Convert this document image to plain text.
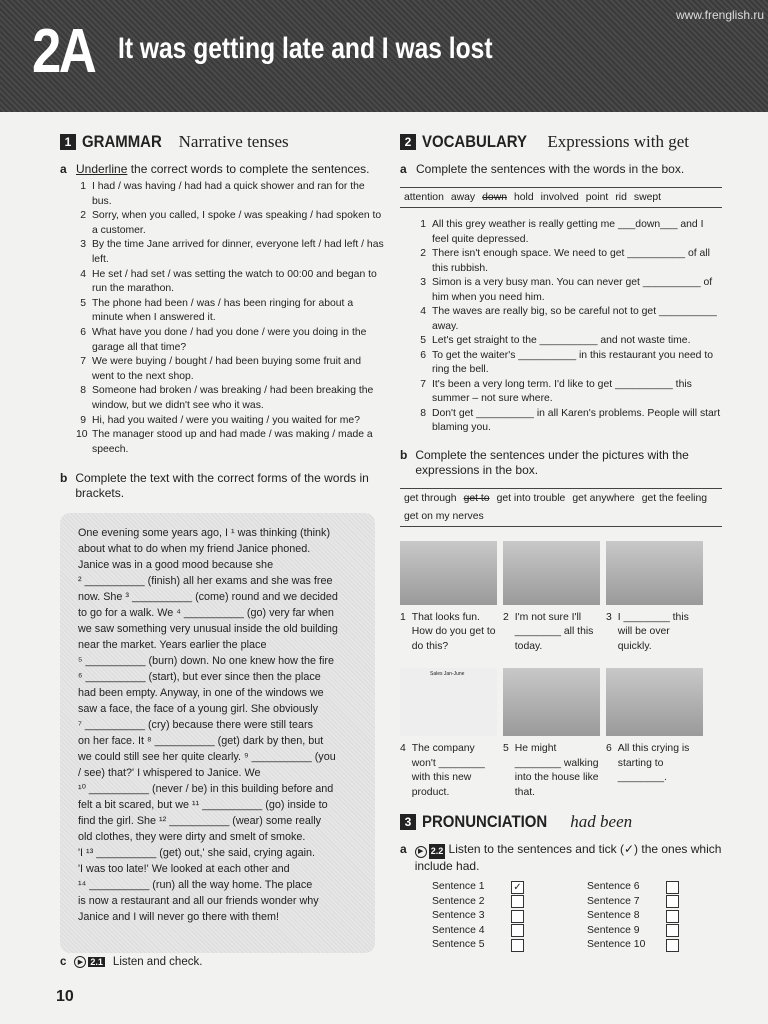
2A It was getting late and I was lost
www.frenglish.ru
1 GRAMMAR Narrative tenses
a Underline the correct words to complete the sentences.
1 I had / was having / had had a quick shower and ran for the bus.
2 Sorry, when you called, I spoke / was speaking / had spoken to a customer.
3 By the time Jane arrived for dinner, everyone left / had left / has left.
4 He set / had set / was setting the watch to 00:00 and began to run the marathon.
5 The phone had been / was / has been ringing for about a minute when I answered it.
6 What have you done / had you done / were you doing in the garage all that time?
7 We were buying / bought / had been buying some fruit and went to the next shop.
8 Someone had broken / was breaking / had been breaking the window, but we didn't see who it was.
9 Hi, had you waited / were you waiting / you waited for me?
10 The manager stood up and had made / was making / made a speech.
b Complete the text with the correct forms of the words in brackets.

One evening some years ago, I ¹ was thinking (think)

about what to do when my friend Janice phoned.

Janice was in a good mood because she

² __________ (finish) all her exams and she was free

now. She ³ __________ (come) round and we decided

to go for a walk. We ⁴ __________ (go) very far when

we saw something very unusual inside the old building

near the market. Years earlier the place

⁵ __________ (burn) down. No one knew how the fire

⁶ __________ (start), but ever since then the place

had been empty. Anyway, in one of the windows we

saw a face, the face of a young girl. She obviously

⁷ __________ (cry) because there were still tears

on her face. It ⁸ __________ (get) dark by then, but

we could still see her quite clearly. ⁹ __________ (you

/ see) that?' I whispered to Janice. We

¹⁰ __________ (never / be) in this building before and

felt a bit scared, but we ¹¹ __________ (go) inside to

find the girl. She ¹² __________ (wear) some really

old clothes, they were dirty and smelt of smoke.

'I ¹³ __________ (get) out,' she said, crying again.

'I was too late!' We looked at each other and

¹⁴ __________ (run) all the way home. The place

is now a restaurant and all our friends wonder why

Janice and I will never go there with them!

c	▶ 2.1 Listen and check.
10
2 VOCABULARY Expressions with get
a Complete the sentences with the words in the box.
attention away down hold involved point rid swept
1 All this grey weather is really getting me ___down___ and I feel quite depressed.
2 There isn't enough space. We need to get __________ of all this rubbish.
3 Simon is a very busy man. You can never get __________ of him when you need him.
4 The waves are really big, so be careful not to get __________ away.
5 Let's get straight to the __________ and not waste time.
6 To get the waiter's __________ in this restaurant you need to ring the bell.
7 It's been a very long term. I'd like to get __________ this summer – not sure where.
8 Don't get __________ in all Karen's problems. People will start blaming you.
b Complete the sentences under the pictures with the expressions in the box.
get through get to get into trouble get anywhere get the feeling
get on my nerves
1 That looks fun. How do you get to do this?
2 I'm not sure I'll ________ all this today.
3 I ________ this will be over quickly.
Sales Jan-June
4 The company won't ________ with this new product.
5 He might ________ walking into the house like that.
6 All this crying is starting to ________.
3 PRONUNCIATION had been
a	▶ 2.2 Listen to the sentences and tick (✓) the ones which include had.
Sentence 1	✓	Sentence 6
Sentence 2	Sentence 7
Sentence 3	Sentence 8
Sentence 4	Sentence 9
Sentence 5	Sentence 10
